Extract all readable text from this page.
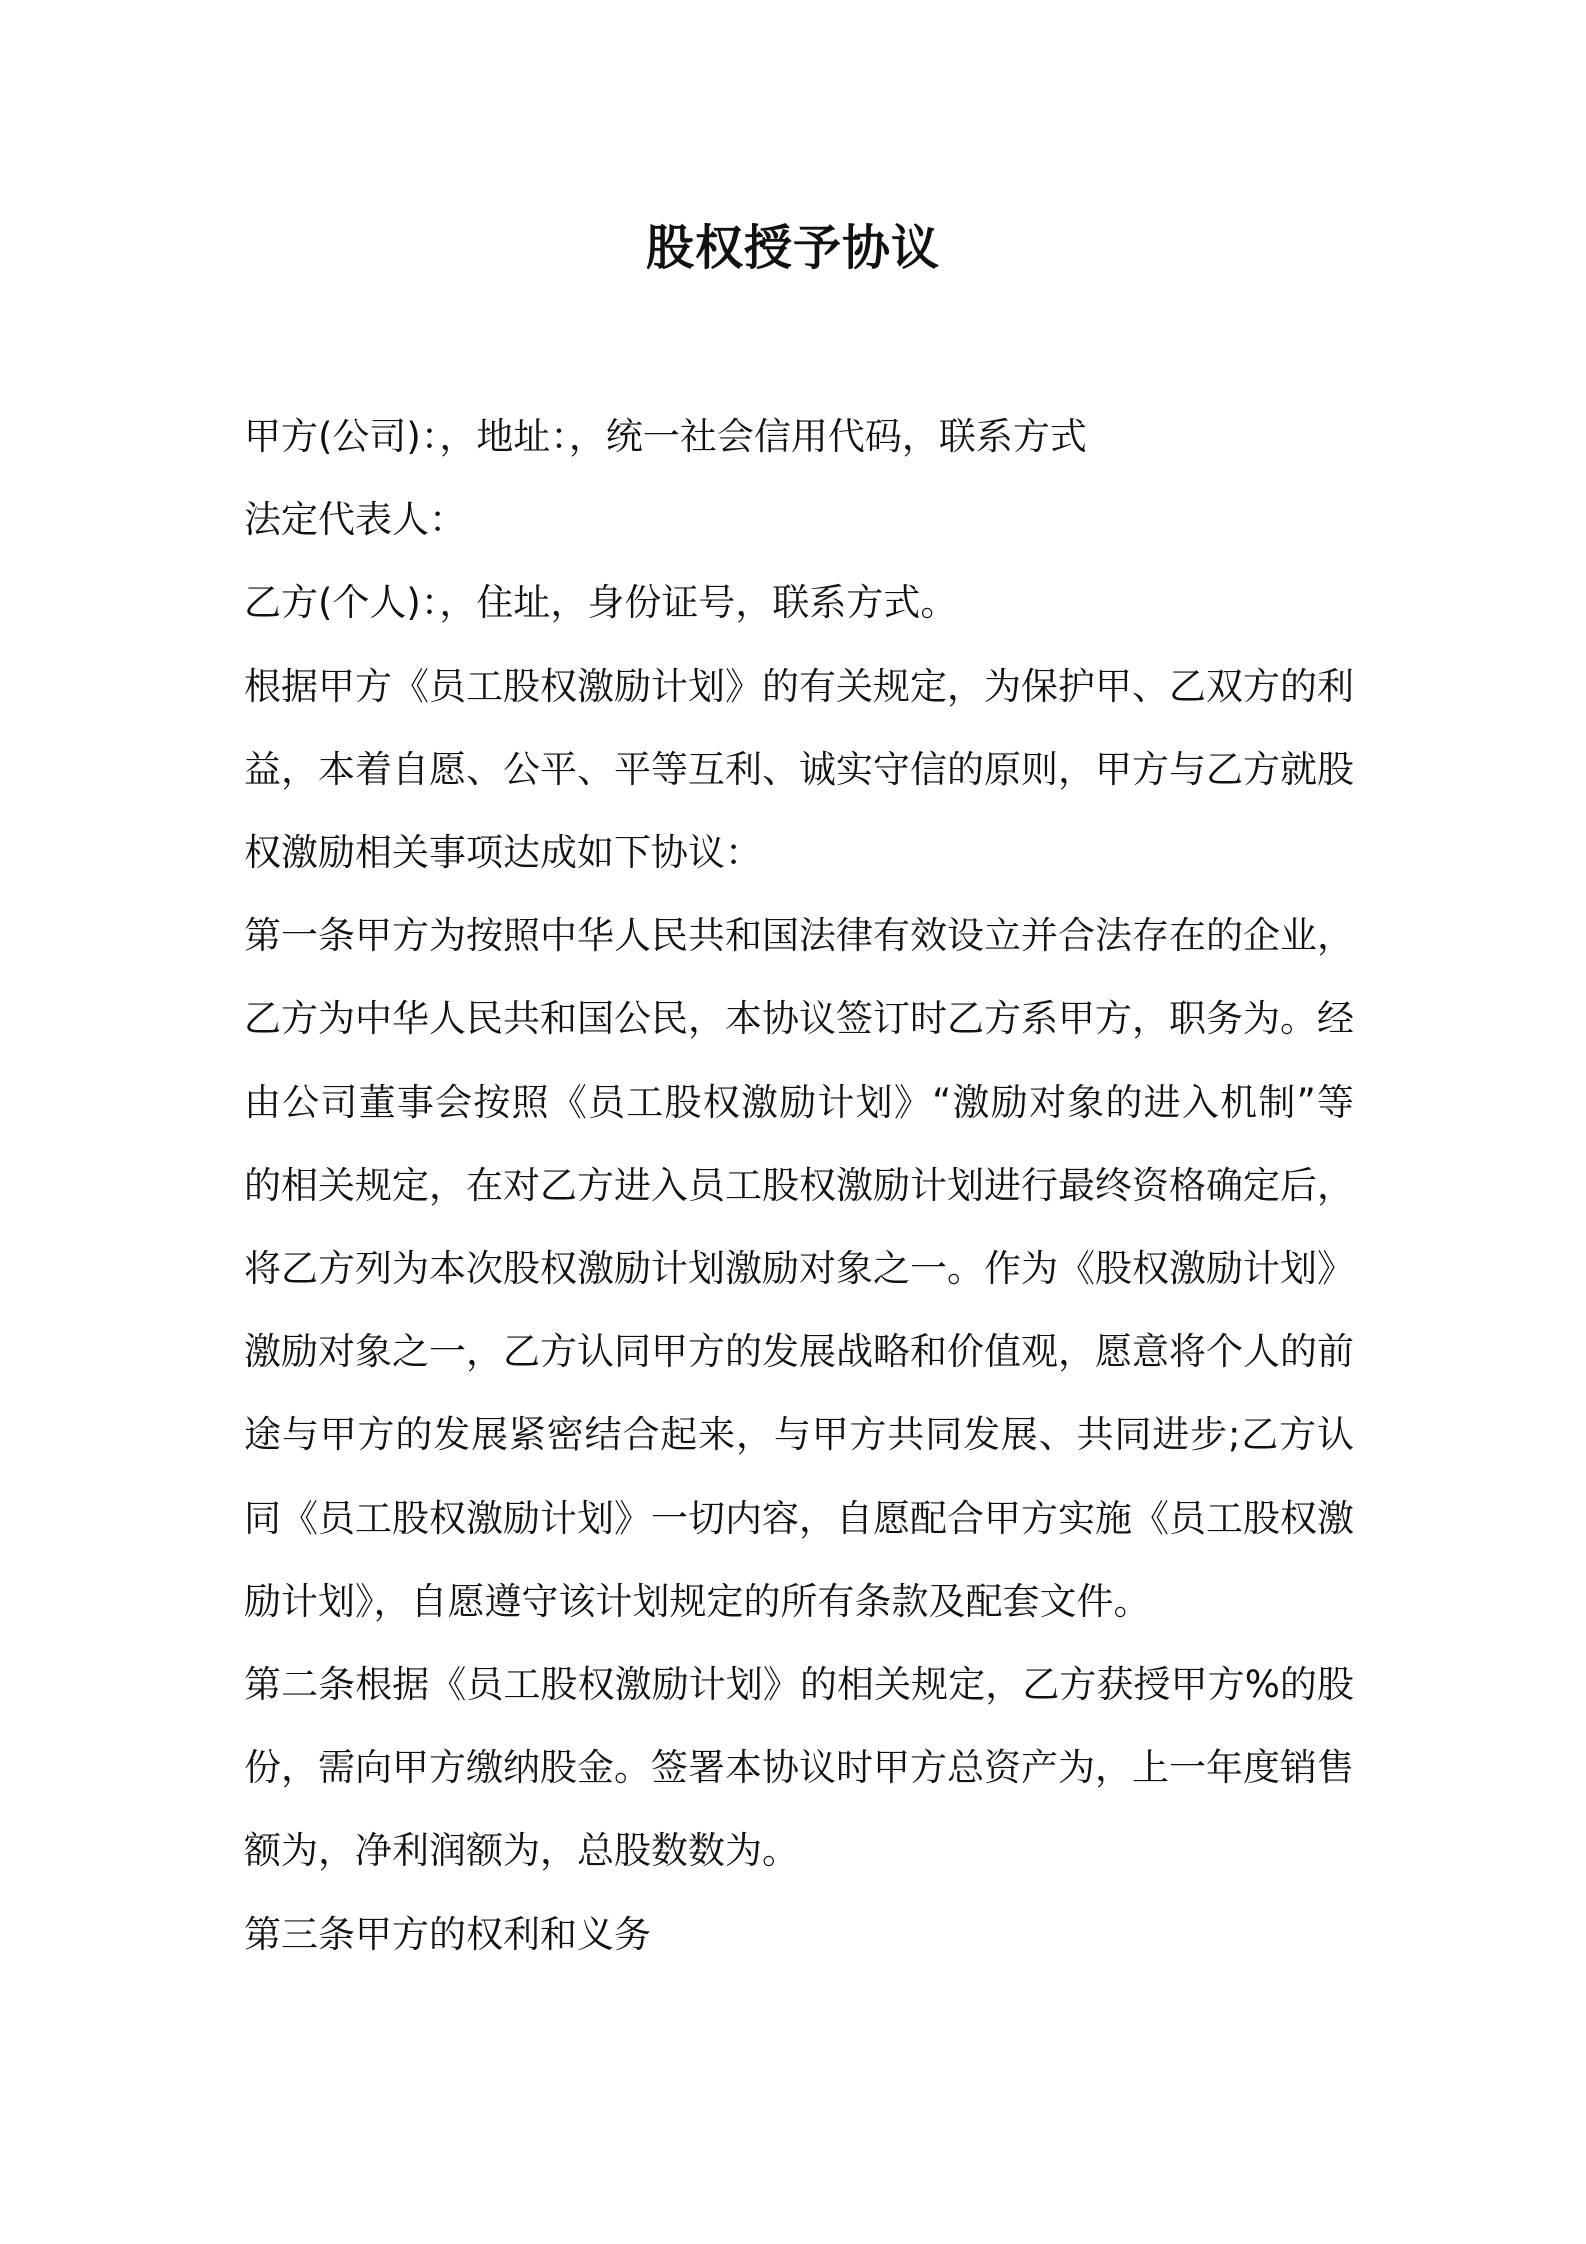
股权授予协议

甲方(公司)：，地址：，统一社会信用代码，联系方式

法定代表人：

乙方(个人)：，住址，身份证号，联系方式。

根据甲方《员工股权激励计划》的有关规定，为保护甲、乙双方的利益，本着自愿、公平、平等互利、诚实守信的原则，甲方与乙方就股权激励相关事项达成如下协议：

第一条甲方为按照中华人民共和国法律有效设立并合法存在的企业，乙方为中华人民共和国公民，本协议签订时乙方系甲方，职务为。经由公司董事会按照《员工股权激励计划》“激励对象的进入机制”等的相关规定，在对乙方进入员工股权激励计划进行最终资格确定后，将乙方列为本次股权激励计划激励对象之一。作为《股权激励计划》激励对象之一，乙方认同甲方的发展战略和价值观，愿意将个人的前途与甲方的发展紧密结合起来，与甲方共同发展、共同进步;乙方认同《员工股权激励计划》一切内容，自愿配合甲方实施《员工股权激励计划》，自愿遵守该计划规定的所有条款及配套文件。

第二条根据《员工股权激励计划》的相关规定，乙方获授甲方%的股份，需向甲方缴纳股金。签署本协议时甲方总资产为，上一年度销售额为，净利润额为，总股数数为。

第三条甲方的权利和义务
